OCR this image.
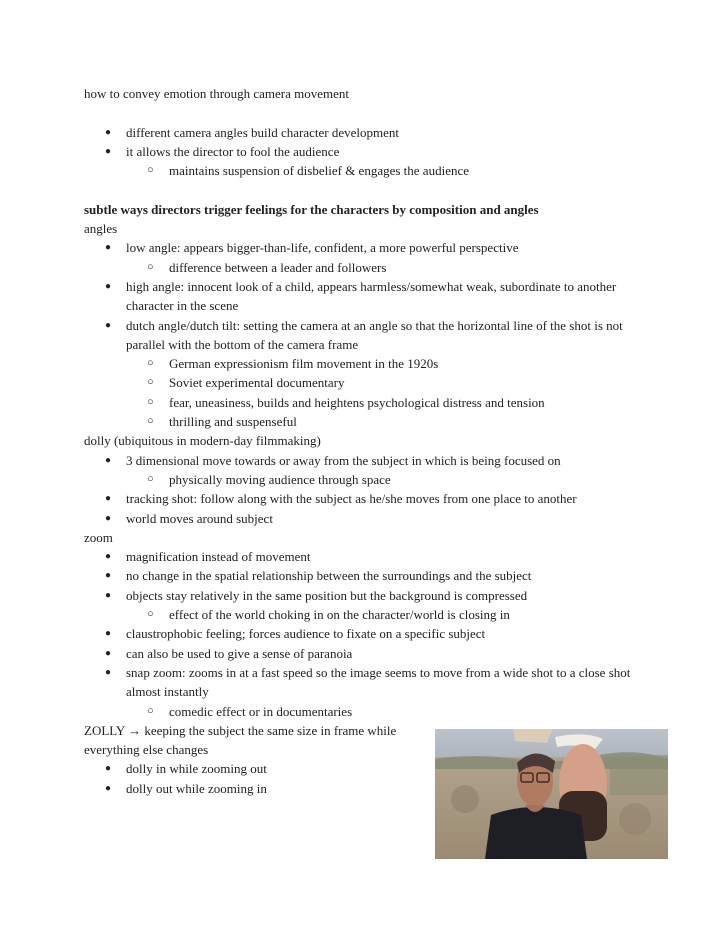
how to convey emotion through camera movement
● different camera angles build character development
● it allows the director to fool the audience
○ maintains suspension of disbelief & engages the audience
subtle ways directors trigger feelings for the characters by composition and angles
angles
● low angle: appears bigger-than-life, confident, a more powerful perspective
○ difference between a leader and followers
● high angle: innocent look of a child, appears harmless/somewhat weak, subordinate to another character in the scene
● dutch angle/dutch tilt: setting the camera at an angle so that the horizontal line of the shot is not parallel with the bottom of the camera frame
○ German expressionism film movement in the 1920s
○ Soviet experimental documentary
○ fear, uneasiness, builds and heightens psychological distress and tension
○ thrilling and suspenseful
dolly (ubiquitous in modern-day filmmaking)
● 3 dimensional move towards or away from the subject in which is being focused on
○ physically moving audience through space
● tracking shot: follow along with the subject as he/she moves from one place to another
● world moves around subject
zoom
● magnification instead of movement
● no change in the spatial relationship between the surroundings and the subject
● objects stay relatively in the same position but the background is compressed
○ effect of the world choking in on the character/world is closing in
● claustrophobic feeling; forces audience to fixate on a specific subject
● can also be used to give a sense of paranoia
● snap zoom: zooms in at a fast speed so the image seems to move from a wide shot to a close shot almost instantly
○ comedic effect or in documentaries
ZOLLY → keeping the subject the same size in frame while everything else changes
● dolly in while zooming out
● dolly out while zooming in
